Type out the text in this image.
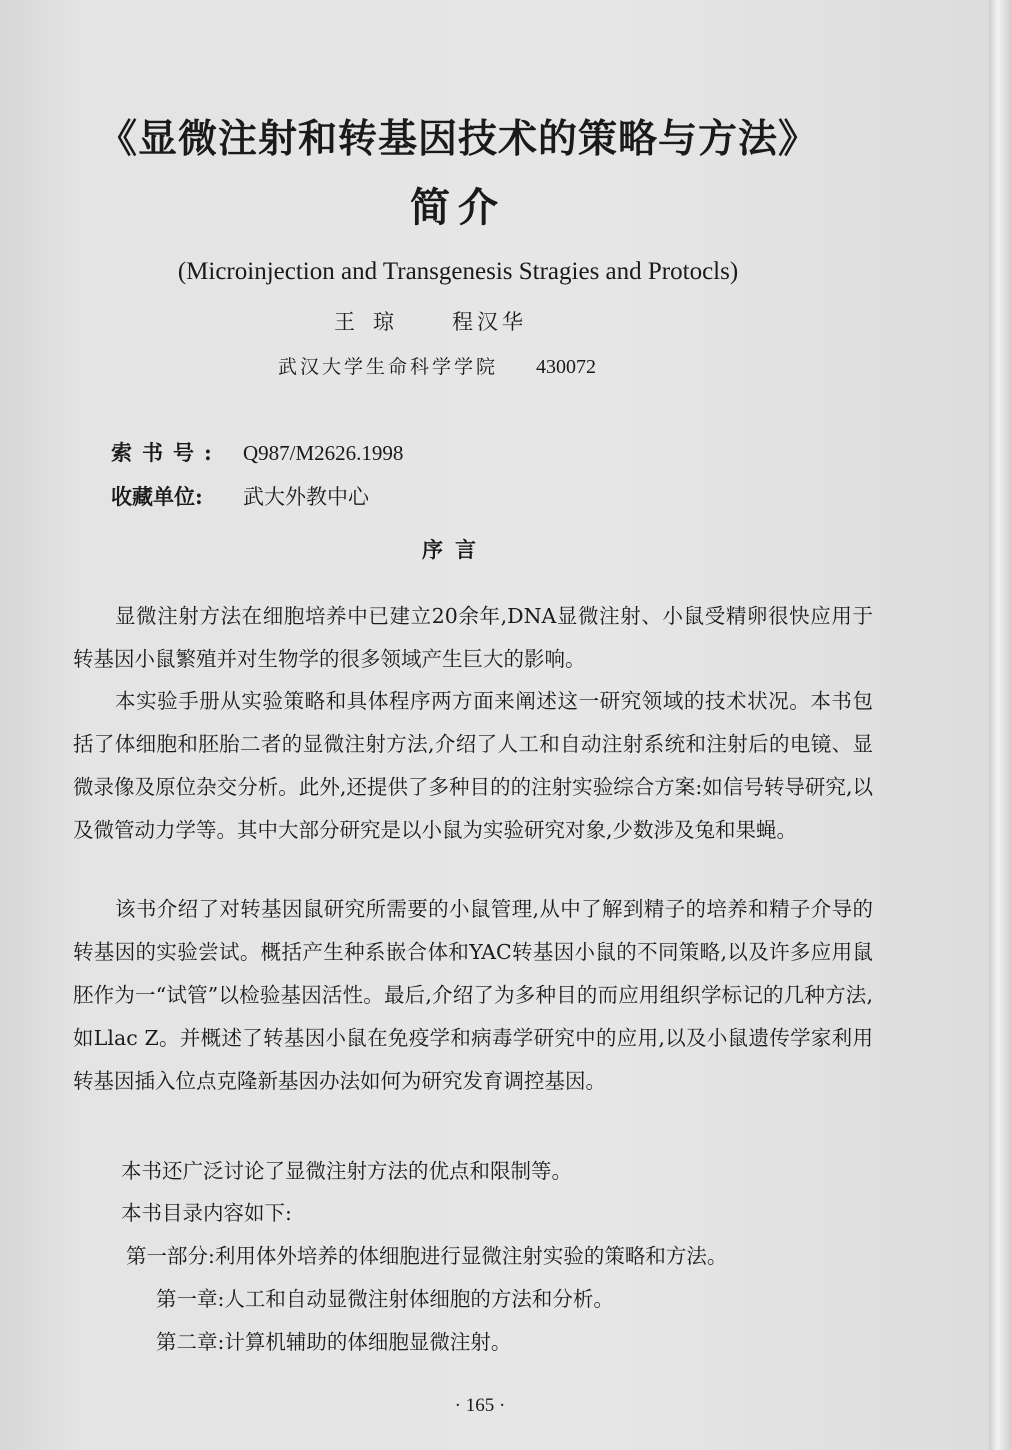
《显微注射和转基因技术的策略与方法》
简介
(Microinjection and Transgenesis Stragies and Protocls)
王琼 程汉华
武汉大学生命科学学院 430072
索书号: Q987/M2626.1998
收藏单位: 武大外教中心
序言
显微注射方法在细胞培养中已建立20余年,DNA显微注射、小鼠受精卵很快应用于转基因小鼠繁殖并对生物学的很多领域产生巨大的影响。
本实验手册从实验策略和具体程序两方面来阐述这一研究领域的技术状况。本书包括了体细胞和胚胎二者的显微注射方法,介绍了人工和自动注射系统和注射后的电镜、显微录像及原位杂交分析。此外,还提供了多种目的的注射实验综合方案:如信号转导研究,以及微管动力学等。其中大部分研究是以小鼠为实验研究对象,少数涉及兔和果蝇。
该书介绍了对转基因鼠研究所需要的小鼠管理,从中了解到精子的培养和精子介导的转基因的实验尝试。概括产生种系嵌合体和YAC转基因小鼠的不同策略,以及许多应用鼠胚作为一“试管”以检验基因活性。最后,介绍了为多种目的而应用组织学标记的几种方法,如Llac Z。并概述了转基因小鼠在免疫学和病毒学研究中的应用,以及小鼠遗传学家利用转基因插入位点克隆新基因办法如何为研究发育调控基因。
本书还广泛讨论了显微注射方法的优点和限制等。
本书目录内容如下:
第一部分:利用体外培养的体细胞进行显微注射实验的策略和方法。
第一章:人工和自动显微注射体细胞的方法和分析。
第二章:计算机辅助的体细胞显微注射。
· 165 ·
